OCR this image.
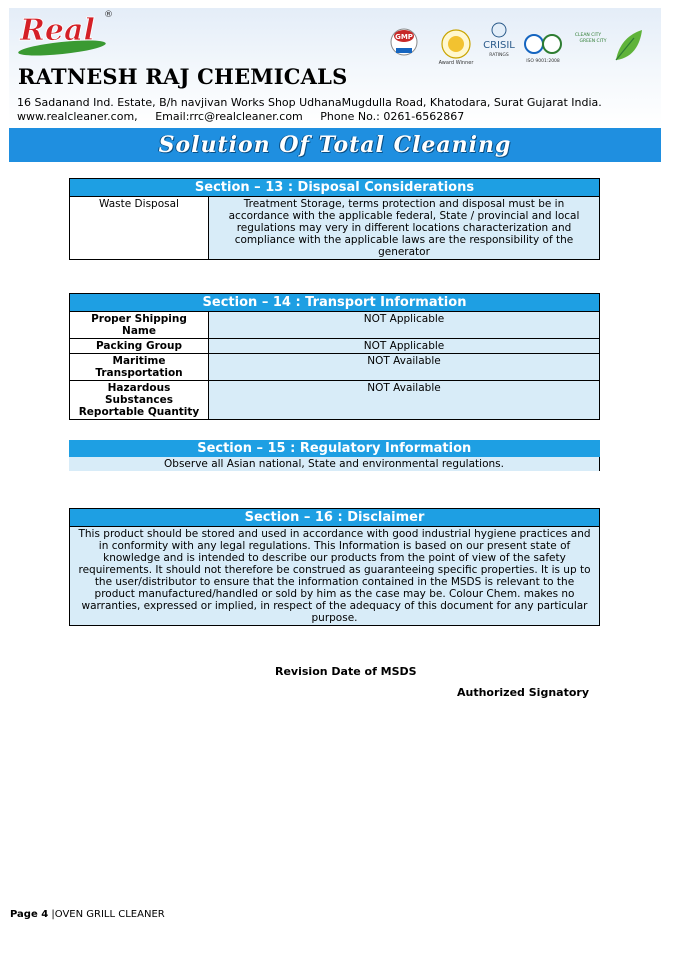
Real ®
RATNESH RAJ CHEMICALS
16 Sadanand Ind. Estate, B/h navjivan Works Shop UdhanaMugdulla Road, Khatodara, Surat Gujarat India.
www.realcleaner.com, Email:rrc@realcleaner.com Phone No.: 0261-6562867
GMP
Award Winner
CRISIL
RATINGS
ISO 9001:2008
CLEAN CITY
GREEN CITY
Solution Of Total Cleaning
Section – 13 : Disposal Considerations
Waste Disposal	Treatment Storage, terms protection and disposal must be in accordance with the applicable federal, State / provincial and local regulations may very in different locations characterization and compliance with the applicable laws are the responsibility of the generator
Section – 14 : Transport Information	
Proper Shipping Name	NOT Applicable
Packing Group	NOT Applicable
Maritime Transportation	NOT Available
Hazardous Substances Reportable Quantity	NOT Available
Section – 15 : Regulatory Information
Observe all Asian national, State and environmental regulations.
Section – 16 : Disclaimer
This product should be stored and used in accordance with good industrial hygiene practices and in conformity with any legal regulations. This Information is based on our present state of knowledge and is intended to describe our products from the point of view of the safety requirements. It should not therefore be construed as guaranteeing specific properties. It is up to the user/distributor to ensure that the information contained in the MSDS is relevant to the product manufactured/handled or sold by him as the case may be. Colour Chem. makes no warranties, expressed or implied, in respect of the adequacy of this document for any particular purpose.
Revision Date of MSDS
Authorized Signatory
Page 4 |OVEN GRILL CLEANER
